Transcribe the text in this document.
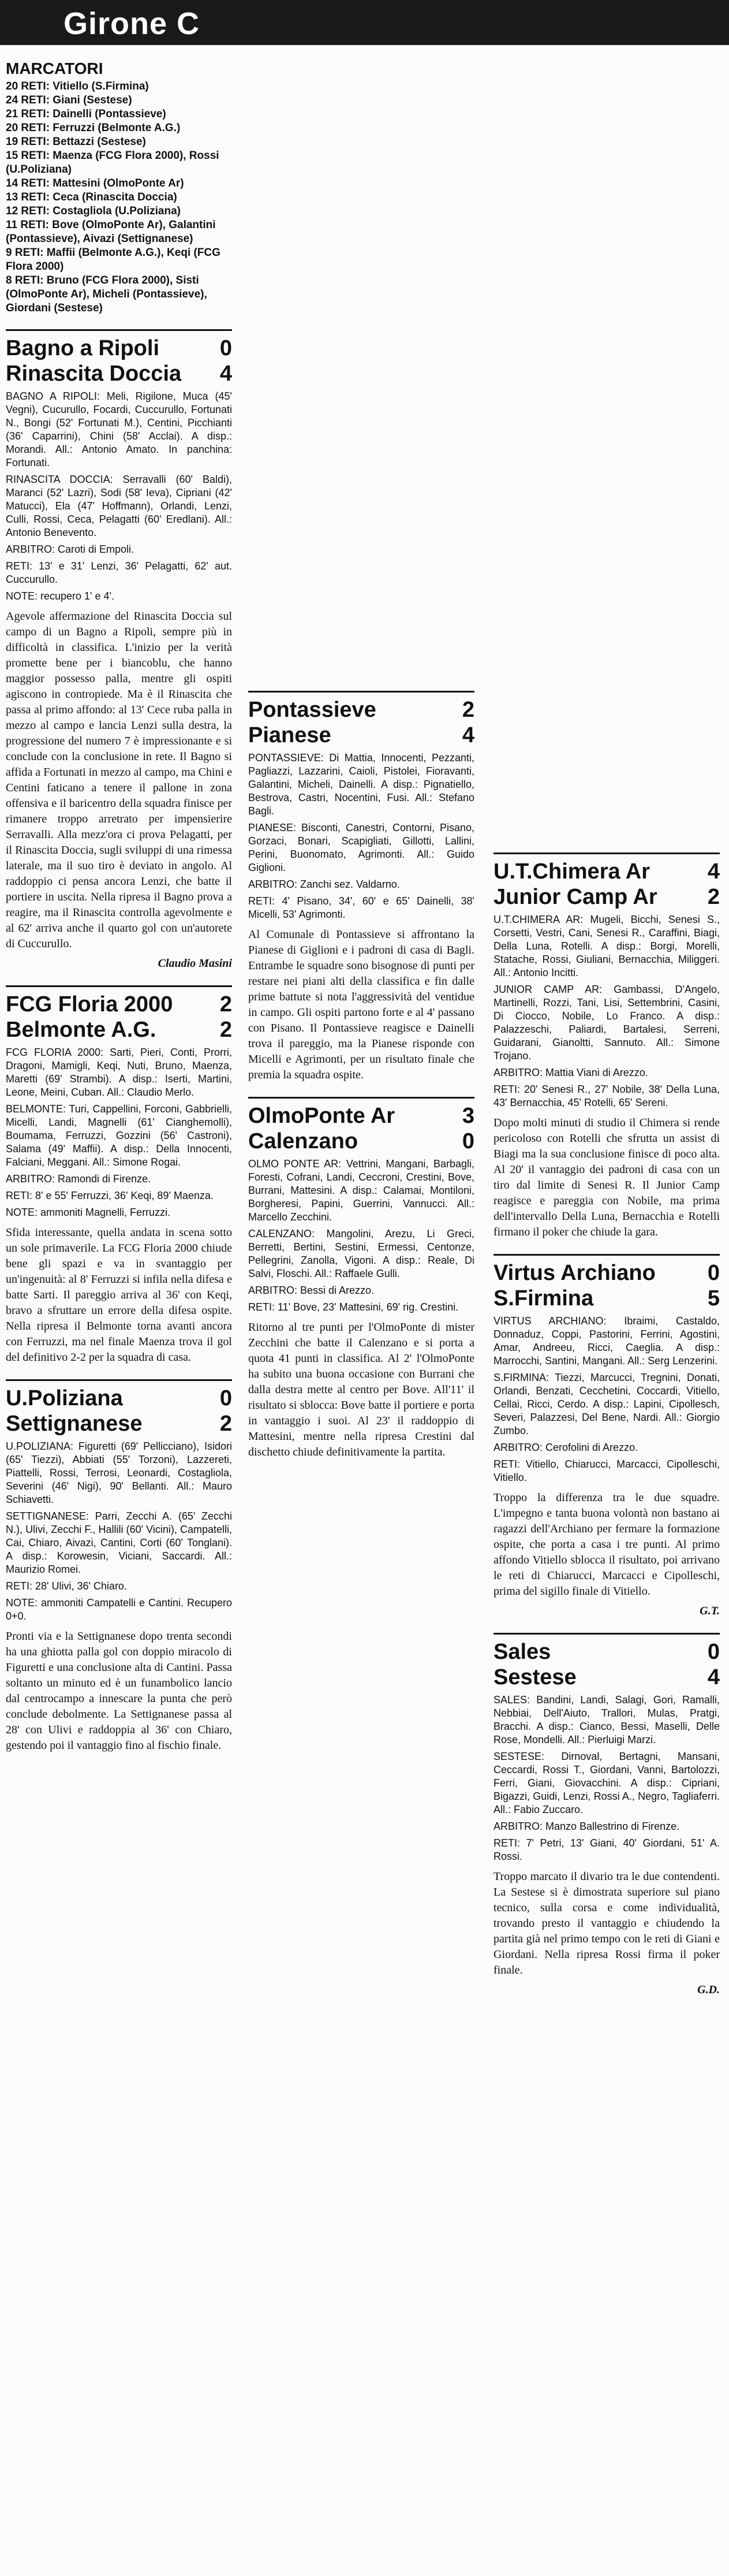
Girone C
MARCATORI
20 RETI: Vitiello (S.Firmina)
24 RETI: Giani (Sestese)
21 RETI: Dainelli (Pontassieve)
20 RETI: Ferruzzi (Belmonte A.G.)
19 RETI: Bettazzi (Sestese)
15 RETI: Maenza (FCG Flora 2000), Rossi (U.Poliziana)
14 RETI: Mattesini (OlmoPonte Ar)
13 RETI: Ceca (Rinascita Doccia)
12 RETI: Costagliola (U.Poliziana)
11 RETI: Bove (OlmoPonte Ar), Galantini (Pontassieve), Aivazi (Settignanese)
9 RETI: Maffii (Belmonte A.G.), Keqi (FCG Flora 2000)
8 RETI: Bruno (FCG Flora 2000), Sisti (OlmoPonte Ar), Micheli (Pontassieve), Giordani (Sestese)
Bagno a Ripoli	0
Rinascita Doccia 4
BAGNO A RIPOLI: Meli, Rigilone, Muca (45' Vegni), Cucurullo, Focardi, Cuccurullo, Fortunati N., Bongi (52' Fortunati M.), Centini, Picchianti (36' Caparrini), Chini (58' Acclai). A disp.: Morandi. All.: Antonio Amato. In panchina: Fortunati.
RINASCITA DOCCIA: Serravalli (60' Baldi), Maranci (52' Lazri), Sodi (58' Ieva), Cipriani (42' Matucci), Ela (47' Hoffmann), Orlandi, Lenzi, Culli, Rossi, Ceca, Pelagatti (60' Eredlani). All.: Antonio Benevento.
ARBITRO: Caroti di Empoli.
RETI: 13' e 31' Lenzi, 36' Pelagatti, 62' aut. Cuccurullo.
NOTE: recupero 1' e 4'.
Agevole affermazione del Rinascita Doccia sul campo di un Bagno a Ripoli, sempre più in difficoltà in classifica. L'inizio per la verità promette bene per i biancoblu, che hanno maggior possesso palla, mentre gli ospiti agiscono in contropiede. Ma è il Rinascita che passa al primo affondo: al 13' Cece ruba palla in mezzo al campo e lancia Lenzi sulla destra, la progressione del numero 7 è impressionante e si conclude con la conclusione in rete. Il Bagno si affida a Fortunati in mezzo al campo, ma Chini e Centini faticano a tenere il pallone in zona offensiva e il baricentro della squadra finisce per rimanere troppo arretrato per impensierire Serravalli. Alla mezz'ora ci prova Pelagatti, per il Rinascita Doccia, sugli sviluppi di una rimessa laterale, ma il suo tiro è deviato in angolo. Al raddoppio ci pensa ancora Lenzi, che batte il portiere in uscita. Nella ripresa il Bagno prova a reagire, ma il Rinascita controlla agevolmente e al 62' arriva anche il quarto gol con un'autorete di Cuccurullo.
Claudio Masini
FCG Floria 2000 2
Belmonte A.G.	2
FCG FLORIA 2000: Sarti, Pieri, Conti, Prorri, Dragoni, Mamigli, Keqi, Nuti, Bruno, Maenza, Maretti (69' Strambi). A disp.: Iserti, Martini, Leone, Meini, Cuban. All.: Claudio Merlo.
BELMONTE: Turi, Cappellini, Forconi, Gabbrielli, Micelli, Landi, Magnelli (61' Cianghemolli), Boumama, Ferruzzi, Gozzini (56' Castroni), Salama (49' Maffii). A disp.: Della Innocenti, Falciani, Meggani. All.: Simone Rogai.
ARBITRO: Ramondi di Firenze.
RETI: 8' e 55' Ferruzzi, 36' Keqi, 89' Maenza.
NOTE: ammoniti Magnelli, Ferruzzi.
Sfida interessante, quella andata in scena sotto un sole primaverile. La FCG Floria 2000 chiude bene gli spazi e va in svantaggio per un'ingenuità: al 8' Ferruzzi si infila nella difesa e batte Sarti. Il pareggio arriva al 36' con Keqi, bravo a sfruttare un errore della difesa ospite. Nella ripresa il Belmonte torna avanti ancora con Ferruzzi, ma nel finale Maenza trova il gol del definitivo 2-2 per la squadra di casa.
U.Poliziana	0
Settignanese	2
U.POLIZIANA: Figuretti (69' Pellicciano), Isidori (65' Tiezzi), Abbiati (55' Torzoni), Lazzereti, Piattelli, Rossi, Terrosi, Leonardi, Costagliola, Severini (46' Nigi), 90' Bellanti. All.: Mauro Schiavetti.
SETTIGNANESE: Parri, Zecchi A. (65' Zecchi N.), Ulivi, Zecchi F., Hallili (60' Vicini), Campatelli, Cai, Chiaro, Aivazi, Cantini, Corti (60' Tonglani). A disp.: Korowesin, Viciani, Saccardi. All.: Maurizio Romei.
RETI: 28' Ulivi, 36' Chiaro.
NOTE: ammoniti Campatelli e Cantini. Recupero 0+0.
Pronti via e la Settignanese dopo trenta secondi ha una ghiotta palla gol con doppio miracolo di Figuretti e una conclusione alta di Cantini. Passa soltanto un minuto ed è un funambolico lancio dal centrocampo a innescare la punta che però conclude debolmente. La Settignanese passa al 28' con Ulivi e raddoppia al 36' con Chiaro, gestendo poi il vantaggio fino al fischio finale.
Pontassieve	2
Pianese	4
PONTASSIEVE: Di Mattia, Innocenti, Pezzanti, Pagliazzi, Lazzarini, Caioli, Pistolei, Fioravanti, Galantini, Micheli, Dainelli. A disp.: Pignatiello, Bestrova, Castri, Nocentini, Fusi. All.: Stefano Bagli.
PIANESE: Bisconti, Canestri, Contorni, Pisano, Gorzaci, Bonari, Scapigliati, Gillotti, Lallini, Perini, Buonomato, Agrimonti. All.: Guido Giglioni.
ARBITRO: Zanchi sez. Valdarno.
RETI: 4' Pisano, 34', 60' e 65' Dainelli, 38' Micelli, 53' Agrimonti.
Al Comunale di Pontassieve si affrontano la Pianese di Giglioni e i padroni di casa di Bagli. Entrambe le squadre sono bisognose di punti per restare nei piani alti della classifica e fin dalle prime battute si nota l'aggressività del ventidue in campo. Gli ospiti partono forte e al 4' passano con Pisano. Il Pontassieve reagisce e Dainelli trova il pareggio, ma la Pianese risponde con Micelli e Agrimonti, per un risultato finale che premia la squadra ospite.
OlmoPonte Ar	3
Calenzano	0
OLMO PONTE AR: Vettrini, Mangani, Barbagli, Foresti, Cofrani, Landi, Ceccroni, Crestini, Bove, Burrani, Mattesini. A disp.: Calamai, Montiloni, Borgheresi, Papini, Guerrini, Vannucci. All.: Marcello Zecchini.
CALENZANO: Mangolini, Arezu, Li Greci, Berretti, Bertini, Sestini, Ermessi, Centonze, Pellegrini, Zanolla, Vigoni. A disp.: Reale, Di Salvi, Floschi. All.: Raffaele Gulli.
ARBITRO: Bessi di Arezzo.
RETI: 11' Bove, 23' Mattesini, 69' rig. Crestini.
Ritorno al tre punti per l'OlmoPonte di mister Zecchini che batte il Calenzano e si porta a quota 41 punti in classifica. Al 2' l'OlmoPonte ha subito una buona occasione con Burrani che dalla destra mette al centro per Bove. All'11' il risultato si sblocca: Bove batte il portiere e porta in vantaggio i suoi. Al 23' il raddoppio di Mattesini, mentre nella ripresa Crestini dal dischetto chiude definitivamente la partita.
U.T.Chimera Ar	4
Junior Camp Ar 2
U.T.CHIMERA AR: Mugeli, Bicchi, Senesi S., Corsetti, Vestri, Cani, Senesi R., Caraffini, Biagi, Della Luna, Rotelli. A disp.: Borgi, Morelli, Statache, Rossi, Giuliani, Bernacchia, Miliggeri. All.: Antonio Incitti.
JUNIOR CAMP AR: Gambassi, D'Angelo, Martinelli, Rozzi, Tani, Lisi, Settembrini, Casini, Di Ciocco, Nobile, Lo Franco. A disp.: Palazzeschi, Paliardi, Bartalesi, Serreni, Guidarani, Gianoltti, Sannuto. All.: Simone Trojano.
ARBITRO: Mattia Viani di Arezzo.
RETI: 20' Senesi R., 27' Nobile, 38' Della Luna, 43' Bernacchia, 45' Rotelli, 65' Sereni.
Dopo molti minuti di studio il Chimera si rende pericoloso con Rotelli che sfrutta un assist di Biagi ma la sua conclusione finisce di poco alta. Al 20' il vantaggio dei padroni di casa con un tiro dal limite di Senesi R. Il Junior Camp reagisce e pareggia con Nobile, ma prima dell'intervallo Della Luna, Bernacchia e Rotelli firmano il poker che chiude la gara.
Virtus Archiano 0
S.Firmina	5
VIRTUS ARCHIANO: Ibraimi, Castaldo, Donnaduz, Coppi, Pastorini, Ferrini, Agostini, Amar, Andreeu, Ricci, Caeglia. A disp.: Marrocchi, Santini, Mangani. All.: Serg Lenzerini.
S.FIRMINA: Tiezzi, Marcucci, Tregnini, Donati, Orlandi, Benzati, Cecchetini, Coccardi, Vitiello, Cellai, Ricci, Cerdo. A disp.: Lapini, Cipollesch, Severi, Palazzesi, Del Bene, Nardi. All.: Giorgio Zumbo.
ARBITRO: Cerofolini di Arezzo.
RETI: Vitiello, Chiarucci, Marcacci, Cipolleschi, Vitiello.
Troppo la differenza tra le due squadre. L'impegno e tanta buona volontà non bastano ai ragazzi dell'Archiano per fermare la formazione ospite, che porta a casa i tre punti. Al primo affondo Vitiello sblocca il risultato, poi arrivano le reti di Chiarucci, Marcacci e Cipolleschi, prima del sigillo finale di Vitiello.
G.T.
Sales	0
Sestese	4
SALES: Bandini, Landi, Salagi, Gori, Ramalli, Nebbiai, Dell'Aiuto, Trallori, Mulas, Pratgi, Bracchi. A disp.: Cianco, Bessi, Maselli, Delle Rose, Mondelli. All.: Pierluigi Marzi.
SESTESE: Dirnoval, Bertagni, Mansani, Ceccardi, Rossi T., Giordani, Vanni, Bartolozzi, Ferri, Giani, Giovacchini. A disp.: Cipriani, Bigazzi, Guidi, Lenzi, Rossi A., Negro, Tagliaferri. All.: Fabio Zuccaro.
ARBITRO: Manzo Ballestrino di Firenze.
RETI: 7' Petri, 13' Giani, 40' Giordani, 51' A. Rossi.
Troppo marcato il divario tra le due contendenti. La Sestese si è dimostrata superiore sul piano tecnico, sulla corsa e come individualità, trovando presto il vantaggio e chiudendo la partita già nel primo tempo con le reti di Giani e Giordani. Nella ripresa Rossi firma il poker finale.
G.D.
